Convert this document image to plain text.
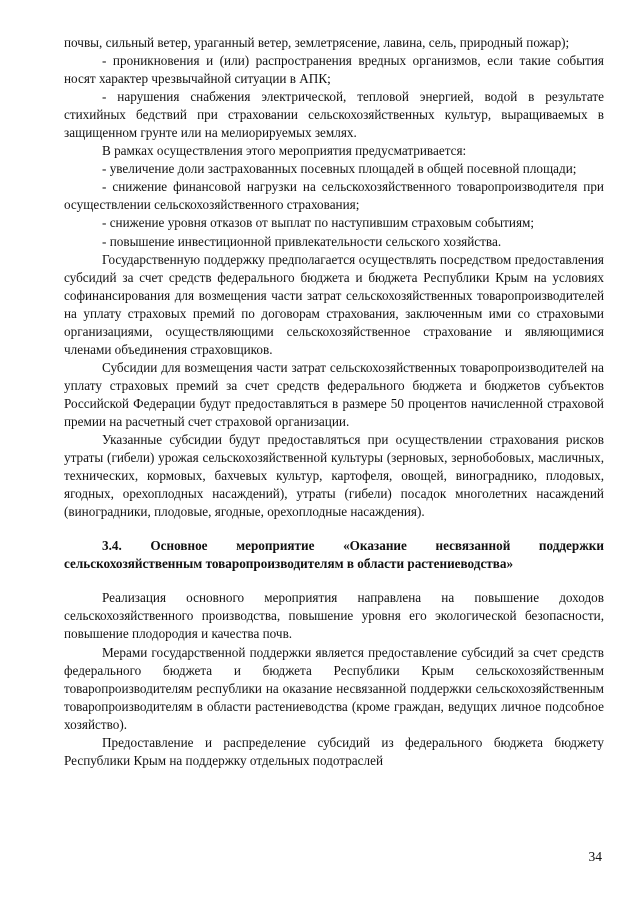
почвы, сильный ветер, ураганный ветер, землетрясение, лавина, сель, природный пожар);

- проникновения и (или) распространения вредных организмов, если такие события носят характер чрезвычайной ситуации в АПК;

- нарушения снабжения электрической, тепловой энергией, водой в результате стихийных бедствий при страховании сельскохозяйственных культур, выращиваемых в защищенном грунте или на мелиорируемых землях.

В рамках осуществления этого мероприятия предусматривается:

- увеличение доли застрахованных посевных площадей в общей посевной площади;

- снижение финансовой нагрузки на сельскохозяйственного товаропроизводителя при осуществлении сельскохозяйственного страхования;

- снижение уровня отказов от выплат по наступившим страховым событиям;

- повышение инвестиционной привлекательности сельского хозяйства.

Государственную поддержку предполагается осуществлять посредством предоставления субсидий за счет средств федерального бюджета и бюджета Республики Крым на условиях софинансирования для возмещения части затрат сельскохозяйственных товаропроизводителей на уплату страховых премий по договорам страхования, заключенным ими со страховыми организациями, осуществляющими сельскохозяйственное страхование и являющимися членами объединения страховщиков.

Субсидии для возмещения части затрат сельскохозяйственных товаропроизводителей на уплату страховых премий за счет средств федерального бюджета и бюджетов субъектов Российской Федерации будут предоставляться в размере 50 процентов начисленной страховой премии на расчетный счет страховой организации.

Указанные субсидии будут предоставляться при осуществлении страхования рисков утраты (гибели) урожая сельскохозяйственной культуры (зерновых, зернобобовых, масличных, технических, кормовых, бахчевых культур, картофеля, овощей, винограднико, плодовых, ягодных, орехоплодных насаждений), утраты (гибели) посадок многолетних насаждений (виноградники, плодовые, ягодные, орехоплодные насаждения).

3.4. Основное мероприятие «Оказание несвязанной поддержки сельскохозяйственным товаропроизводителям в области растениеводства»

Реализация основного мероприятия направлена на повышение доходов сельскохозяйственного производства, повышение уровня его экологической безопасности, повышение плодородия и качества почв.

Мерами государственной поддержки является предоставление субсидий за счет средств федерального бюджета и бюджета Республики Крым сельскохозяйственным товаропроизводителям республики на оказание несвязанной поддержки сельскохозяйственным товаропроизводителям в области растениеводства (кроме граждан, ведущих личное подсобное хозяйство).

Предоставление и распределение субсидий из федерального бюджета бюджету Республики Крым на поддержку отдельных подотраслей

34
